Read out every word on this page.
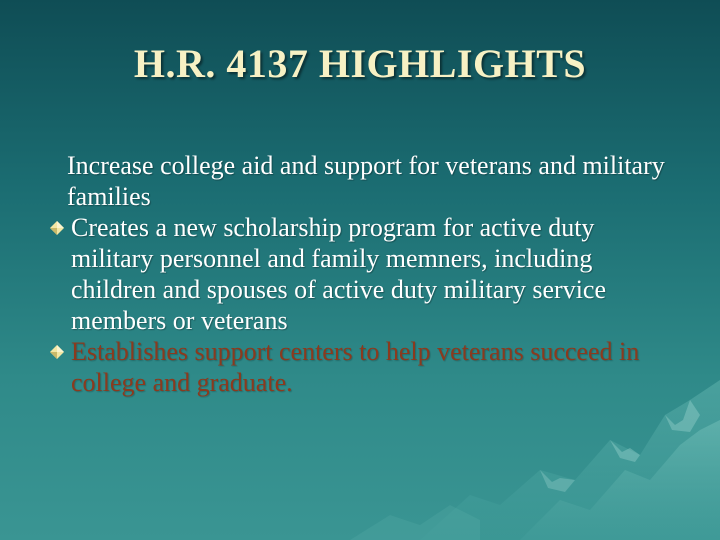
H.R. 4137 HIGHLIGHTS
Increase college aid and support for veterans and military families
Creates a new scholarship program for active duty military personnel and family memners, including children and spouses of active duty military service members or veterans
Establishes support centers to help veterans succeed in college and graduate.
